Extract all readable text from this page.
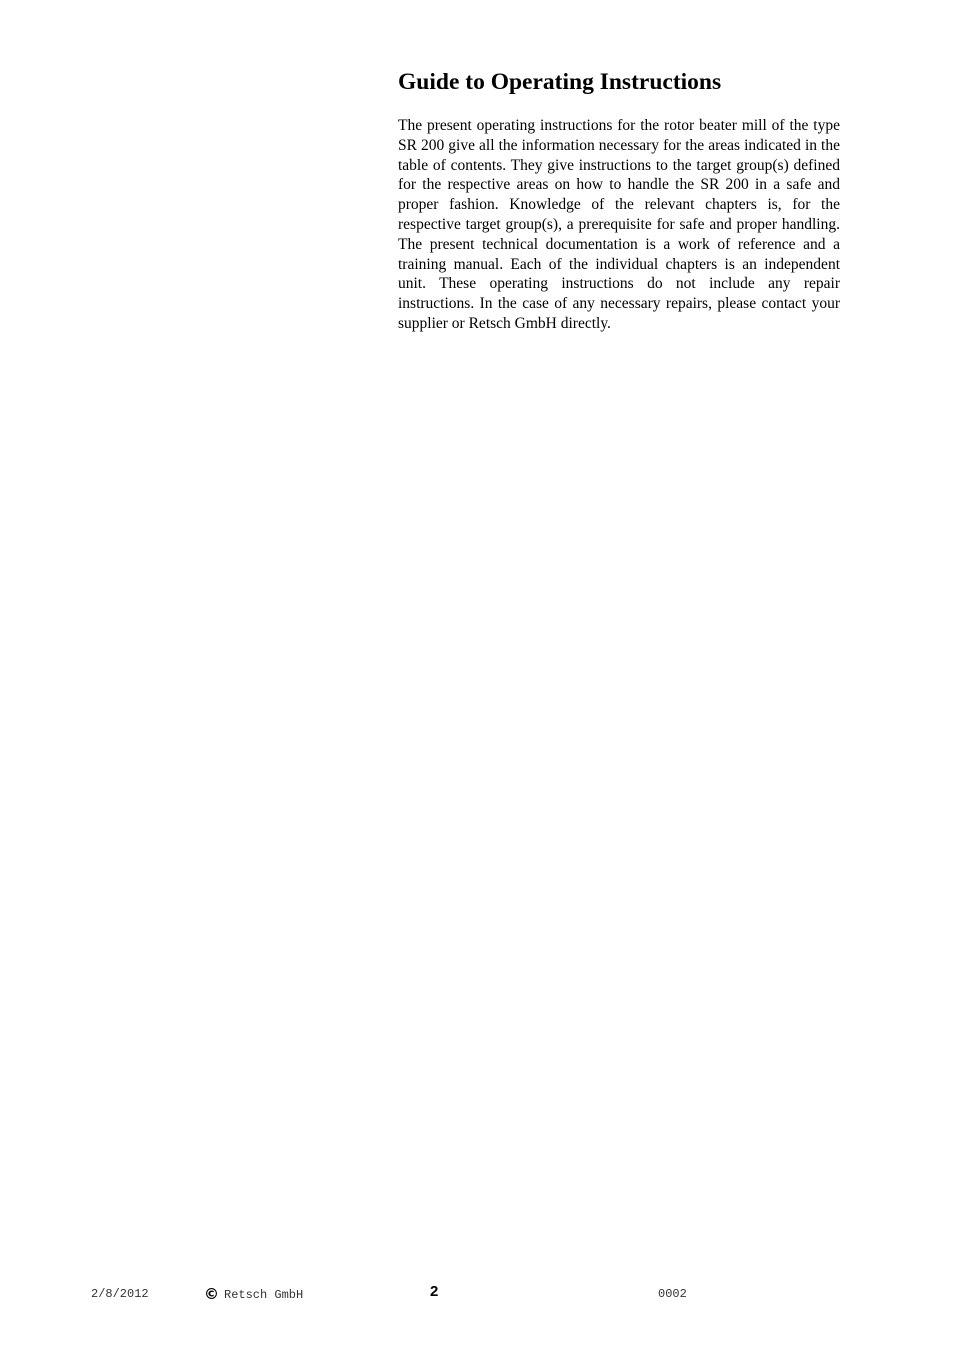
Guide to Operating Instructions

The present operating instructions for the rotor beater mill of the type SR 200 give all the information necessary for the areas indicated in the table of contents. They give instructions to the target group(s) defined for the respective areas on how to handle the SR 200 in a safe and proper fashion. Knowledge of the relevant chapters is, for the respective target group(s), a prerequisite for safe and proper handling. The present technical documentation is a work of reference and a training manual. Each of the individual chapters is an independent unit. These operating instructions do not include any repair instructions. In the case of any necessary repairs, please contact your supplier or Retsch GmbH directly.

2/8/2012	© Retsch GmbH	2	0002
